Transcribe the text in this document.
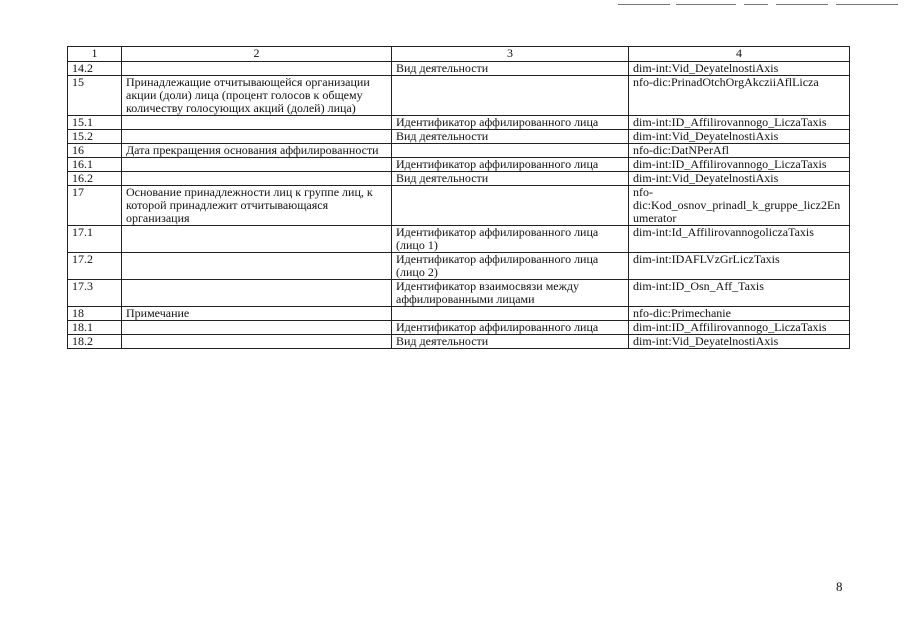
1	2	3	4
14.2		Вид деятельности	dim-int:Vid_DeyatelnostiAxis
15	Принадлежащие отчитывающейся организации акции (доли) лица (процент голосов к общему количеству голосующих акций (долей) лица)		nfo-dic:PrinadOtchOrgAkcziiAflLicza
15.1		Идентификатор аффилированного лица	dim-int:ID_Affilirovannogo_LiczaTaxis
15.2		Вид деятельности	dim-int:Vid_DeyatelnostiAxis
16	Дата прекращения основания аффилированности		nfo-dic:DatNPerAfl
16.1		Идентификатор аффилированного лица	dim-int:ID_Affilirovannogo_LiczaTaxis
16.2		Вид деятельности	dim-int:Vid_DeyatelnostiAxis
17	Основание принадлежности лиц к группе лиц, к которой принадлежит отчитывающаяся организация		nfo-dic:Kod_osnov_prinadl_k_gruppe_licz2Enumerator
17.1		Идентификатор аффилированного лица (лицо 1)	dim-int:Id_AffilirovannogoliczaTaxis
17.2		Идентификатор аффилированного лица (лицо 2)	dim-int:IDAFLVzGrLiczTaxis
17.3		Идентификатор взаимосвязи между аффилированными лицами	dim-int:ID_Osn_Aff_Taxis
18	Примечание		nfo-dic:Primechanie
18.1		Идентификатор аффилированного лица	dim-int:ID_Affilirovannogo_LiczaTaxis
18.2		Вид деятельности	dim-int:Vid_DeyatelnostiAxis
8
